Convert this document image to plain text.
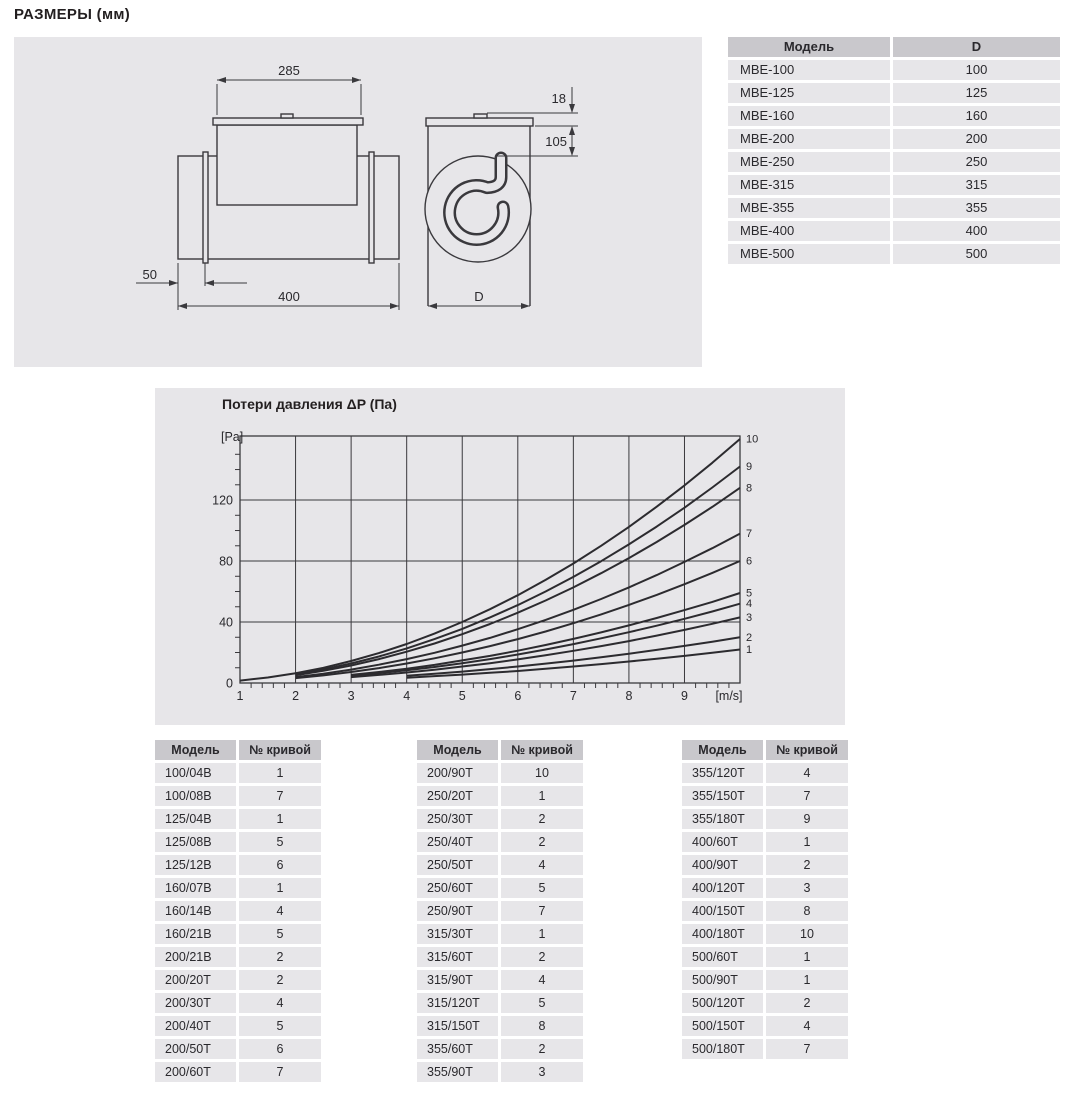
РАЗМЕРЫ (мм)
285
400
50
18
105
D
Модель	D
МВЕ-100	100
МВЕ-125	125
МВЕ-160	160
МВЕ-200	200
МВЕ-250	250
МВЕ-315	315
МВЕ-355	355
МВЕ-400	400
МВЕ-500	500
Потери давления ΔP (Па)
[Pa]
1	2	3	4	5	6	7	8	9
0
40
80
120
[m/s]
1
2
3
4
5
6
7
8
9
10
Модель	№ кривой
100/04В	1
100/08В	7
125/04В	1
125/08В	5
125/12В	6
160/07В	1
160/14В	4
160/21В	5
200/21В	2
200/20Т	2
200/30Т	4
200/40Т	5
200/50Т	6
200/60Т	7
Модель	№ кривой
200/90Т	10
250/20Т	1
250/30Т	2
250/40Т	2
250/50Т	4
250/60Т	5
250/90Т	7
315/30Т	1
315/60Т	2
315/90Т	4
315/120Т	5
315/150Т	8
355/60Т	2
355/90Т	3
Модель	№ кривой
355/120Т	4
355/150Т	7
355/180Т	9
400/60Т	1
400/90Т	2
400/120Т	3
400/150Т	8
400/180Т	10
500/60Т	1
500/90Т	1
500/120Т	2
500/150Т	4
500/180Т	7
